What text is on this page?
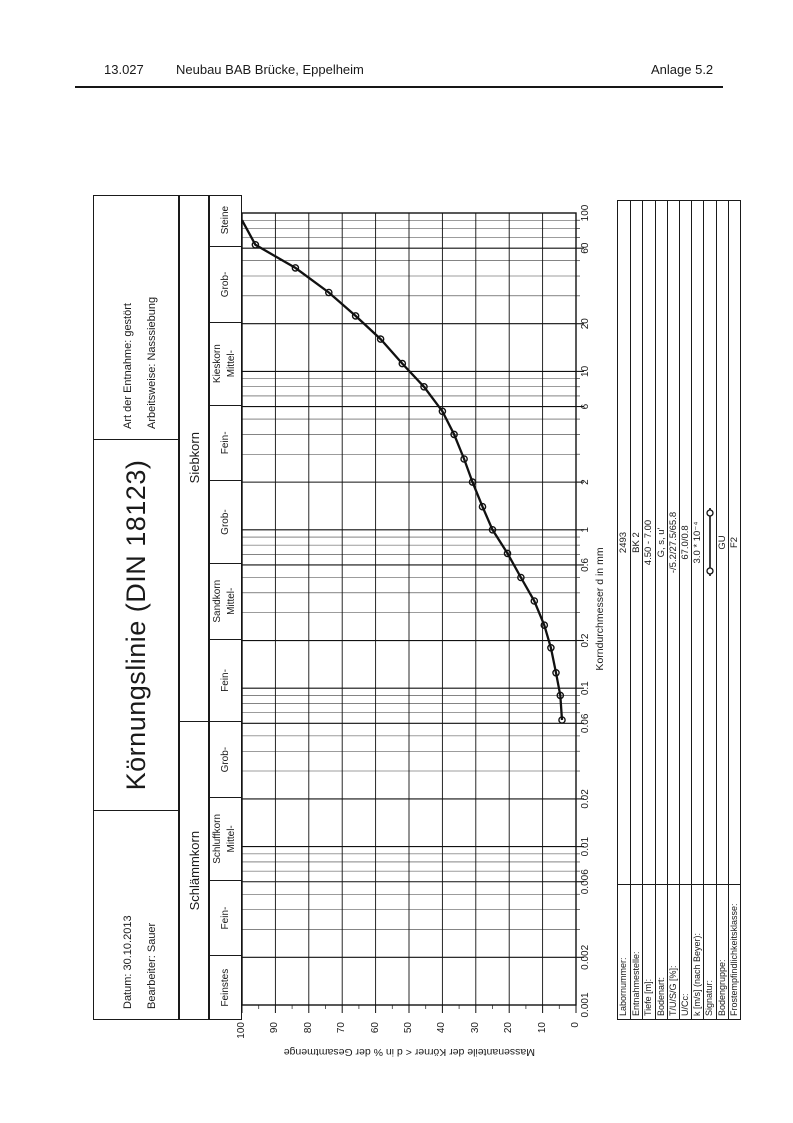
13.027 Neubau BAB Brücke, Eppelheim	Anlage 5.2
Datum: 30.10.2013	Bearbeiter: Sauer
Körnungslinie (DIN 18123)
Art der Entnahme: gestört	Arbeitsweise: Nasssiebung
Schlämmkorn
Siebkorn
Feinstes
Fein-
Schluffkorn Mittel-
Grob-
Fein-
Sandkorn Mittel-
Grob-
Fein-
Kieskorn Mittel-
Grob-
Steine
0.001
0.002
0.006
0.01
0.02
0.06
0.1
0.2
0.6
1
2
6
10
20
60
100
Korndurchmesser d in mm
0
10
20
30
40
50
60
70
80
90
100
Massenanteile der Körner < d in % der Gesamtmenge
Labornummer:
2493
Entnahmestelle:
BK 2
Tiefe [m]:
4.50 - 7.00
Bodenart:
G, s, u'
T/U/S/G [%]:
-/5.2/27.5/65.8
U/Cc:
67.0/0.8
k [m/s] (nach Beyer):
3.0 * 10⁻⁴
Signatur: Bodengruppe:
GU
Frostempfindlichkeitsklasse:
F2
